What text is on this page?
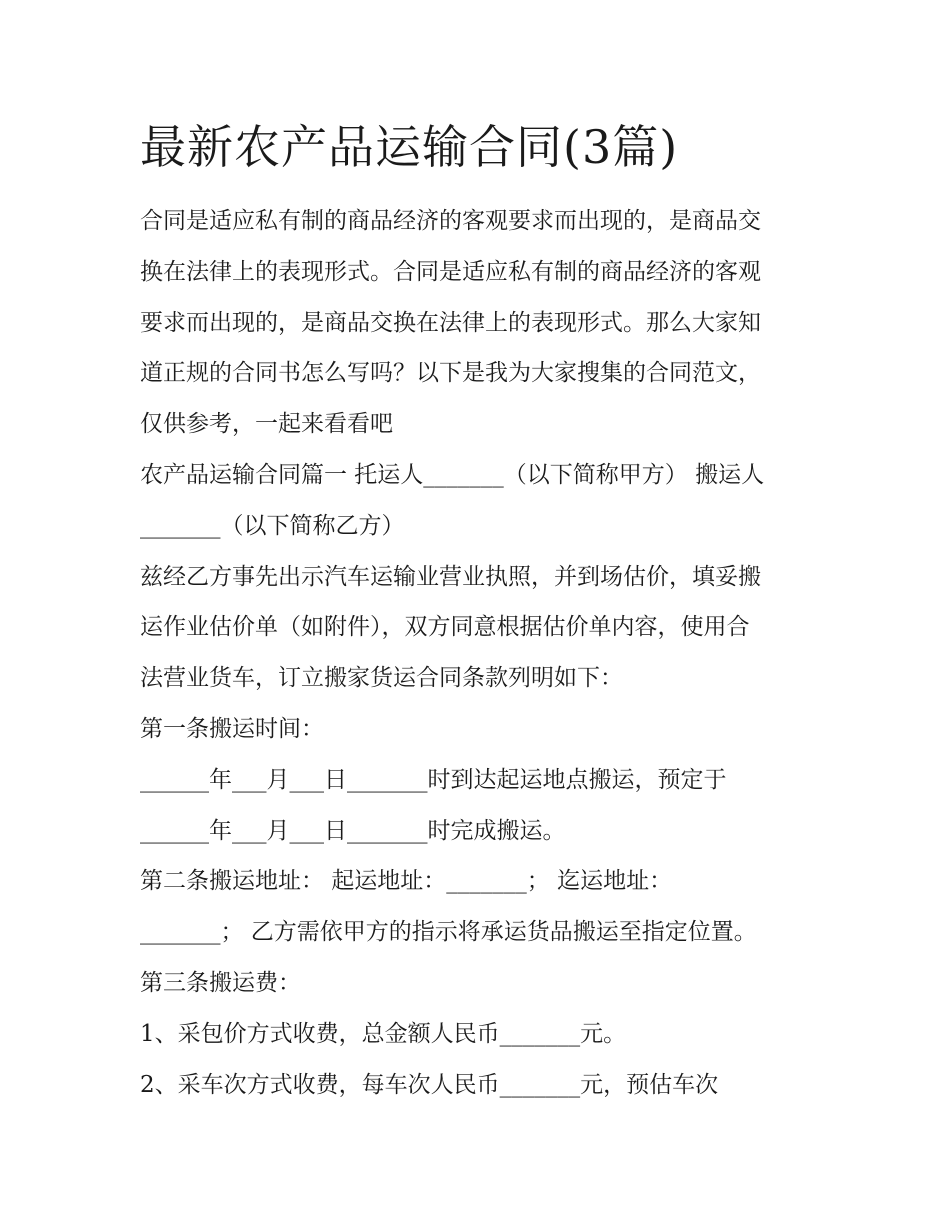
最新农产品运输合同(3篇)

合同是适应私有制的商品经济的客观要求而出现的，是商品交
换在法律上的表现形式。合同是适应私有制的商品经济的客观
要求而出现的，是商品交换在法律上的表现形式。那么大家知
道正规的合同书怎么写吗？以下是我为大家搜集的合同范文，
仅供参考，一起来看看吧

农产品运输合同篇一 托运人_______（以下简称甲方） 搬运人
_______（以下简称乙方）

兹经乙方事先出示汽车运输业营业执照，并到场估价，填妥搬
运作业估价单（如附件），双方同意根据估价单内容，使用合
法营业货车，订立搬家货运合同条款列明如下：

第一条搬运时间：

______年___月___日_______时到达起运地点搬运，预定于
______年___月___日_______时完成搬运。

第二条搬运地址： 起运地址：_______； 迄运地址：
_______； 乙方需依甲方的指示将承运货品搬运至指定位置。

第三条搬运费：

1、采包价方式收费，总金额人民币_______元。

2、采车次方式收费，每车次人民币_______元，预估车次
